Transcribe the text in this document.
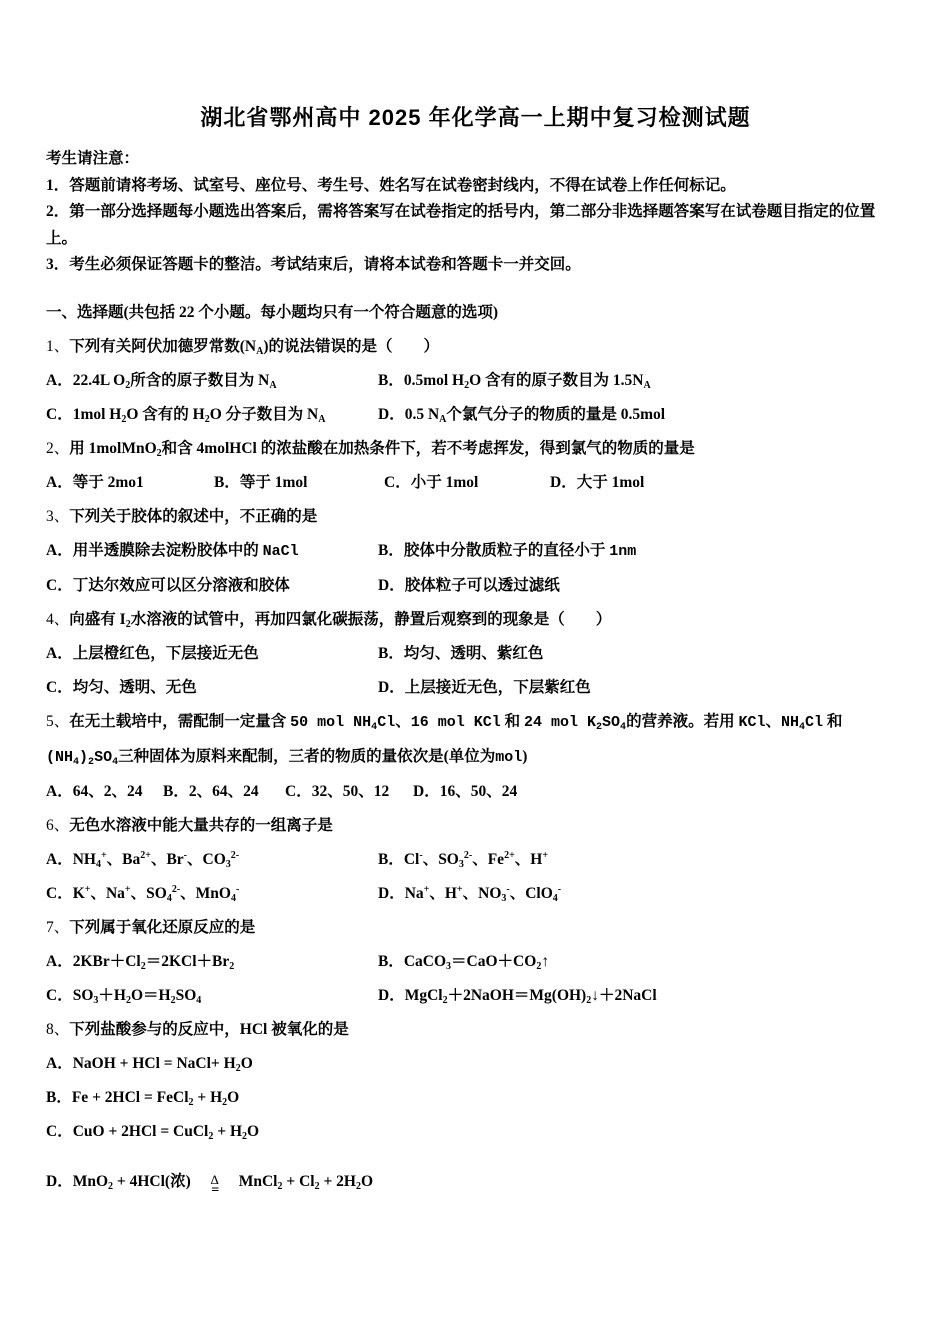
湖北省鄂州高中 2025 年化学高一上期中复习检测试题
考生请注意：
1．答题前请将考场、试室号、座位号、考生号、姓名写在试卷密封线内，不得在试卷上作任何标记。
2．第一部分选择题每小题选出答案后，需将答案写在试卷指定的括号内，第二部分非选择题答案写在试卷题目指定的位置上。
3．考生必须保证答题卡的整洁。考试结束后，请将本试卷和答题卡一并交回。
一、选择题(共包括 22 个小题。每小题均只有一个符合题意的选项)
1、下列有关阿伏加德罗常数$(N_A)$的说法错误的是（　　）
A．22.4L $O_2$所含的原子数目为 $N_A$	B．0.5mol $H_2O$ 含有的原子数目为 $1.5N_A$
C．1mol $H_2O$ 含有的 $H_2O$ 分子数目为 $N_A$	D．0.5 $N_A$个氯气分子的物质的量是 0.5mol
2、用 1molMnO$_2$和含 4molHCl 的浓盐酸在加热条件下，若不考虑挥发，得到氯气的物质的量是
A．等于 2mo1	B．等于 1mol	C．小于 1mol	D．大于 1mol
3、下列关于胶体的叙述中，不正确的是
A．用半透膜除去淀粉胶体中的 NaCl	B．胶体中分散质粒子的直径小于 1nm
C．丁达尔效应可以区分溶液和胶体	D．胶体粒子可以透过滤纸
4、向盛有 $I_2$水溶液的试管中，再加四氯化碳振荡，静置后观察到的现象是（　　）
A．上层橙红色，下层接近无色	B．均匀、透明、紫红色
C．均匀、透明、无色	D．上层接近无色，下层紫红色
5、在无土载培中，需配制一定量含 50 mol $NH_4Cl$、16 mol KCl 和 24 mol $K_2SO_4$的营养液。若用 KCl、$NH_4Cl$ 和$(NH_4)_2SO_4$三种固体为原料来配制，三者的物质的量依次是(单位为mol)
A．64、2、24	B．2、64、24	C．32、50、12	D．16、50、24
6、无色水溶液中能大量共存的一组离子是
A．$NH_4^+$、$Ba^{2+}$、Br-、$CO_3^{2-}$	B．Cl-、$SO_3^{2-}$、$Fe^{2+}$、H+
C．K+、Na+、$SO_4^{2-}$、MnO$_4$-	D．Na+、H+、$NO_3^-$、ClO$_4$-
7、下列属于氧化还原反应的是
A．$2KBr+Cl_2=2KCl+Br_2$	B．$CaCO_3=CaO+CO_2↑$
C．$SO_3+H_2O=H_2SO_4$	D．$MgCl_2+2NaOH=Mg(OH)_2↓+2NaCl$
8、下列盐酸参与的反应中，HCl 被氧化的是
A．NaOH + HCl = NaCl+ $H_2O$
B．Fe + 2HCl = FeCl$_2$ + $H_2O$
C．CuO + 2HCl = CuCl$_2$ + $H_2O$
D．MnO$_2$ + 4HCl(浓) Δ
=
MnCl$_2$ + $Cl_2 + 2H_2O$
